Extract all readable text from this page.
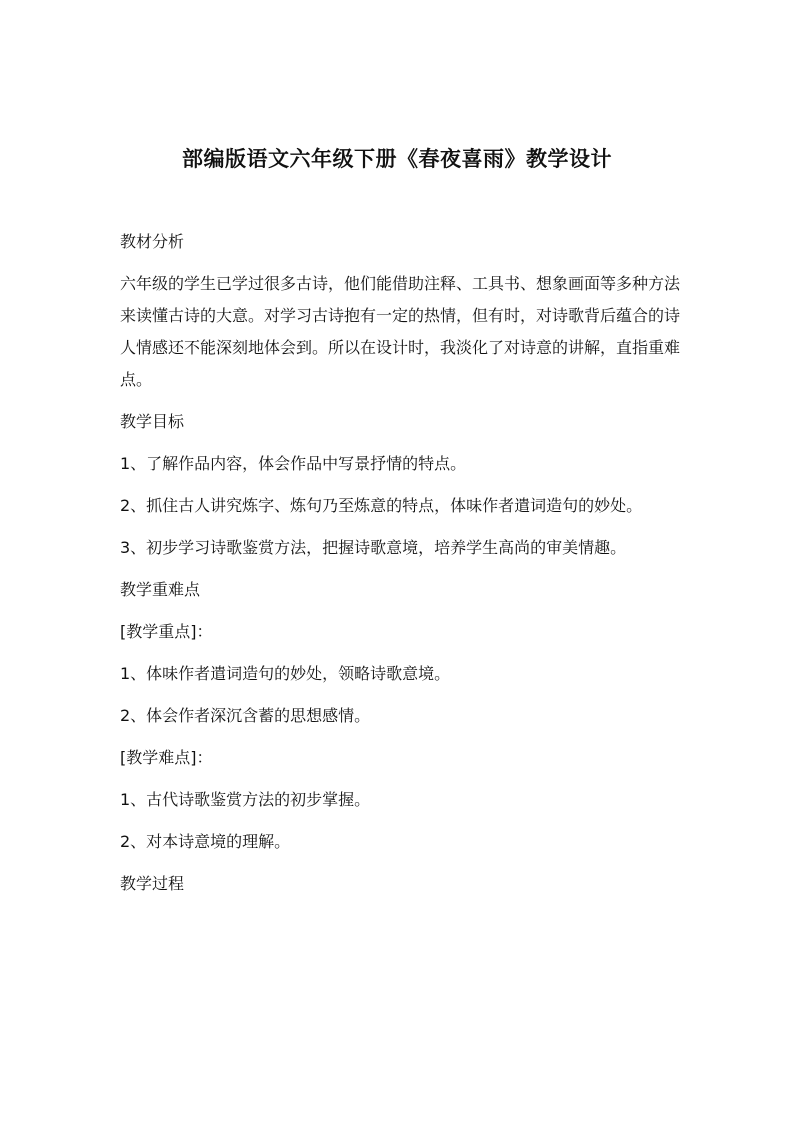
部编版语文六年级下册《春夜喜雨》教学设计

教材分析

六年级的学生已学过很多古诗，他们能借助注释、工具书、想象画面等多种方法来读懂古诗的大意。对学习古诗抱有一定的热情，但有时，对诗歌背后蕴合的诗人情感还不能深刻地体会到。所以在设计时，我淡化了对诗意的讲解，直指重难点。

教学目标

1、了解作品内容，体会作品中写景抒情的特点。

2、抓住古人讲究炼字、炼句乃至炼意的特点，体味作者遣词造句的妙处。

3、初步学习诗歌鉴赏方法，把握诗歌意境，培养学生高尚的审美情趣。

教学重难点

[教学重点]：

1、体味作者遣词造句的妙处，领略诗歌意境。

2、体会作者深沉含蓄的思想感情。

[教学难点]：

1、古代诗歌鉴赏方法的初步掌握。

2、对本诗意境的理解。

教学过程
